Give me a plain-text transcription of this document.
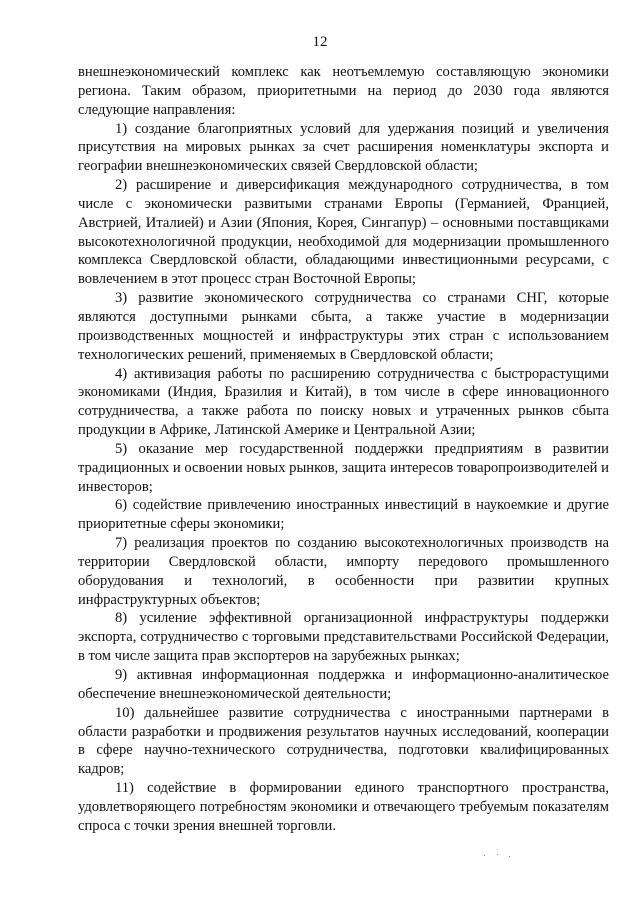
12

внешнеэкономический комплекс как неотъемлемую составляющую экономики региона. Таким образом, приоритетными на период до 2030 года являются следующие направления:

1) создание благоприятных условий для удержания позиций и увеличения присутствия на мировых рынках за счет расширения номенклатуры экспорта и географии внешнеэкономических связей Свердловской области;

2) расширение и диверсификация международного сотрудничества, в том числе с экономически развитыми странами Европы (Германией, Францией, Австрией, Италией) и Азии (Япония, Корея, Сингапур) – основными поставщиками высокотехнологичной продукции, необходимой для модернизации промышленного комплекса Свердловской области, обладающими инвестиционными ресурсами, с вовлечением в этот процесс стран Восточной Европы;

3) развитие экономического сотрудничества со странами СНГ, которые являются доступными рынками сбыта, а также участие в модернизации производственных мощностей и инфраструктуры этих стран с использованием технологических решений, применяемых в Свердловской области;

4) активизация работы по расширению сотрудничества с быстрорастущими экономиками (Индия, Бразилия и Китай), в том числе в сфере инновационного сотрудничества, а также работа по поиску новых и утраченных рынков сбыта продукции в Африке, Латинской Америке и Центральной Азии;

5) оказание мер государственной поддержки предприятиям в развитии традиционных и освоении новых рынков, защита интересов товаропроизводителей и инвесторов;

6) содействие привлечению иностранных инвестиций в наукоемкие и другие приоритетные сферы экономики;

7) реализация проектов по созданию высокотехнологичных производств на территории Свердловской области, импорту передового промышленного оборудования и технологий, в особенности при развитии крупных инфраструктурных объектов;

8) усиление эффективной организационной инфраструктуры поддержки экспорта, сотрудничество с торговыми представительствами Российской Федерации, в том числе защита прав экспортеров на зарубежных рынках;

9) активная информационная поддержка и информационно-аналитическое обеспечение внешнеэкономической деятельности;

10) дальнейшее развитие сотрудничества с иностранными партнерами в области разработки и продвижения результатов научных исследований, кооперации в сфере научно-технического сотрудничества, подготовки квалифицированных кадров;

11) содействие в формировании единого транспортного пространства, удовлетворяющего потребностям экономики и отвечающего требуемым показателям спроса с точки зрения внешней торговли.
